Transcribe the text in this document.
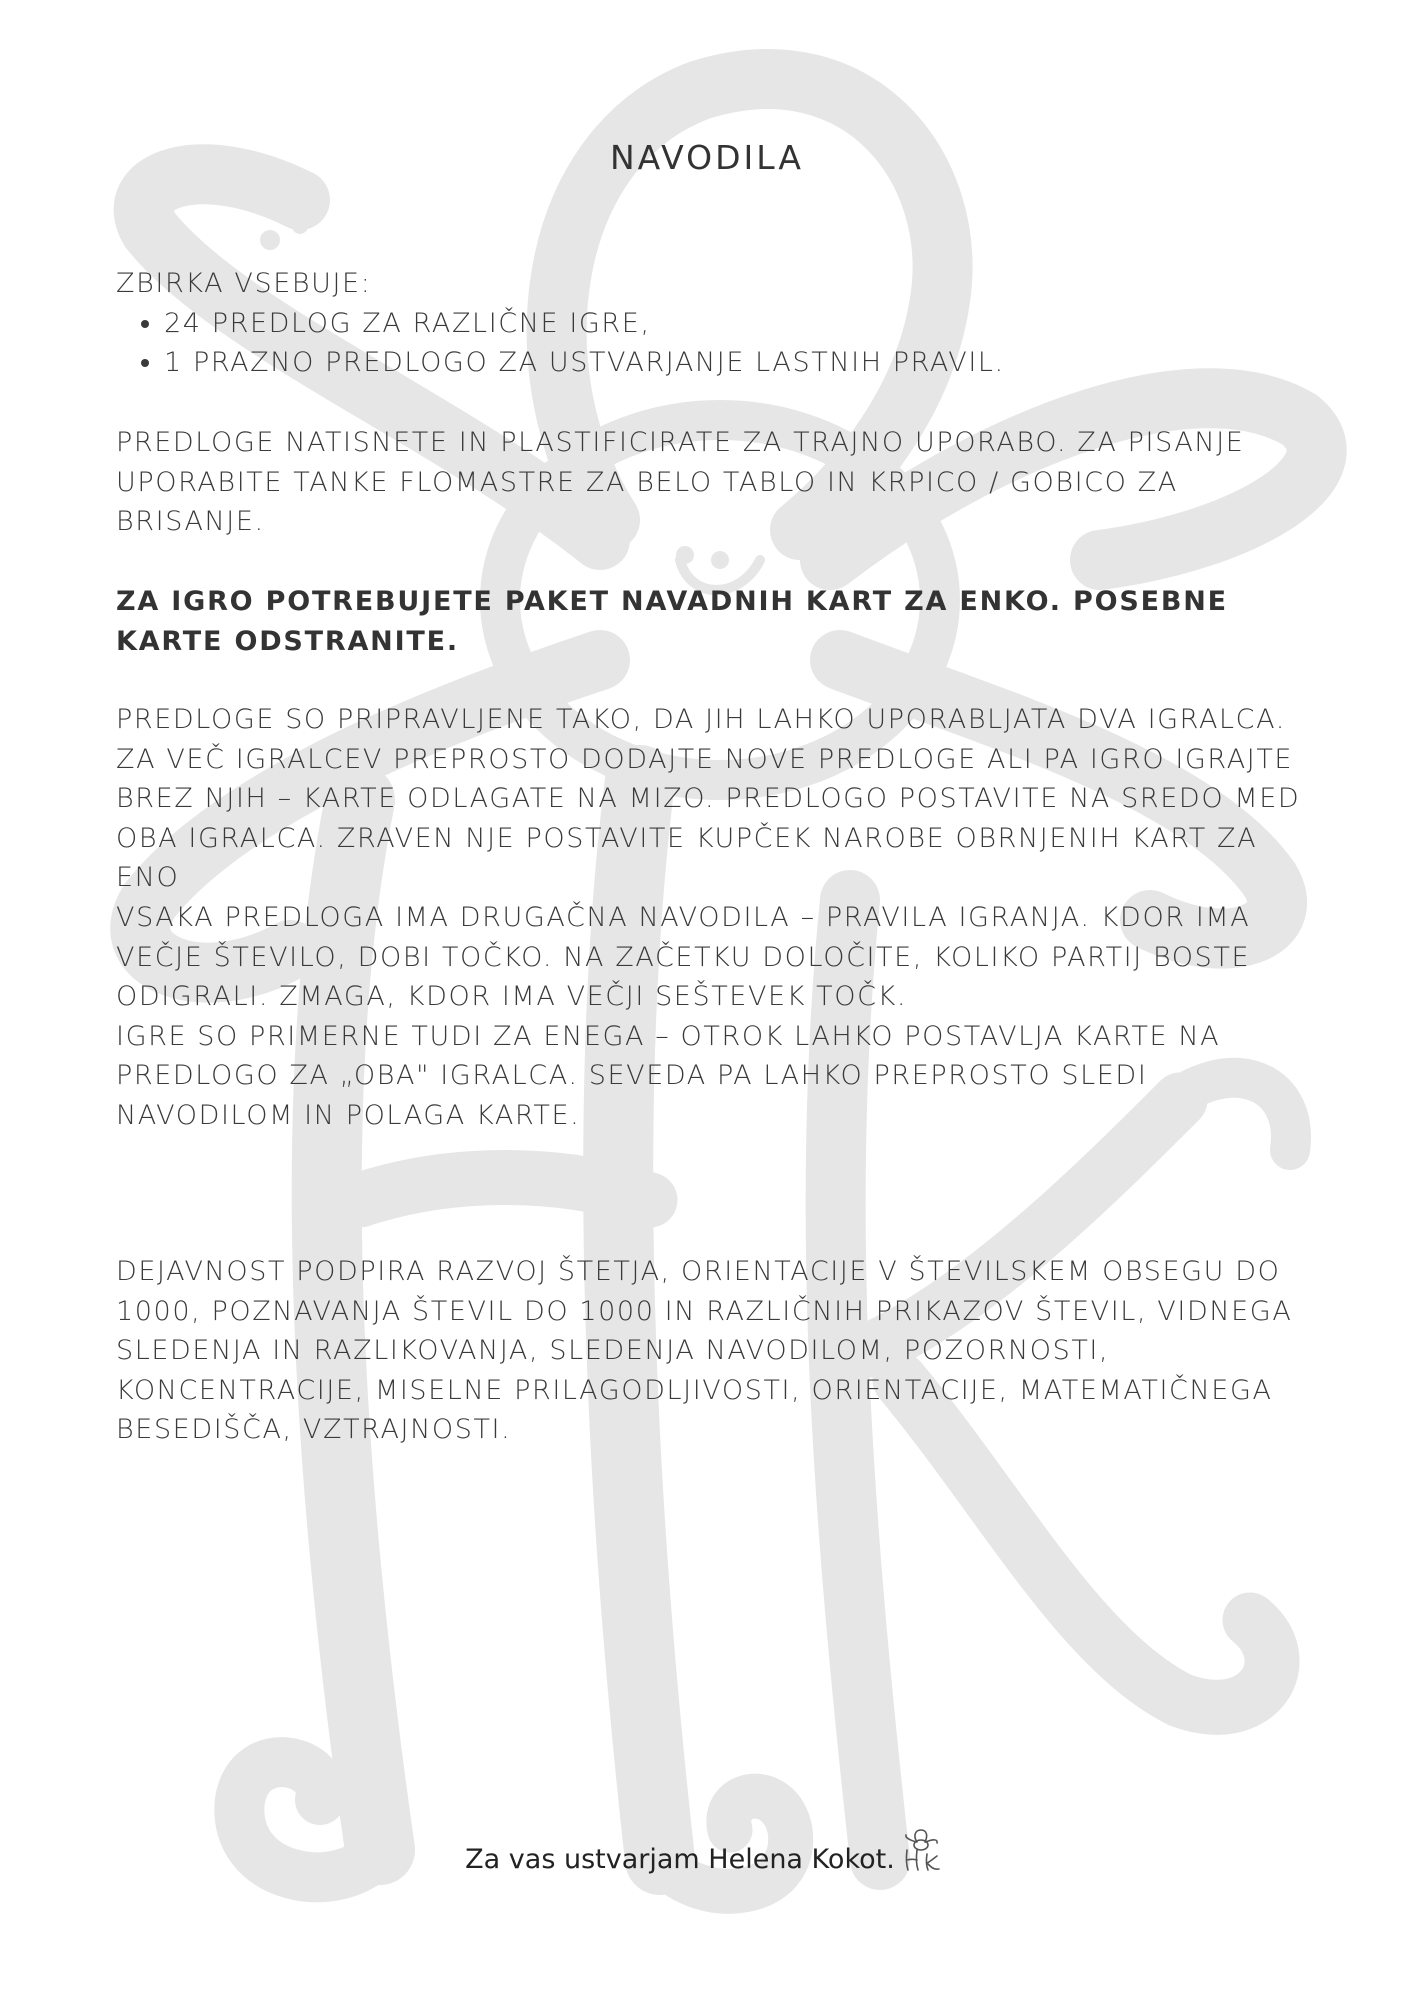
NAVODILA

ZBIRKA VSEBUJE:

• 24 PREDLOG ZA RAZLIČNE IGRE,
• 1 PRAZNO PREDLOGO ZA USTVARJANJE LASTNIH PRAVIL.

PREDLOGE NATISNETE IN PLASTIFICIRATE ZA TRAJNO UPORABO. ZA PISANJE UPORABITE TANKE FLOMASTRE ZA BELO TABLO IN KRPICO / GOBICO ZA BRISANJE.

ZA IGRO POTREBUJETE PAKET NAVADNIH KART ZA ENKO. POSEBNE KARTE ODSTRANITE.

PREDLOGE SO PRIPRAVLJENE TAKO, DA JIH LAHKO UPORABLJATA DVA IGRALCA. ZA VEČ IGRALCEV PREPROSTO DODAJTE NOVE PREDLOGE ALI PA IGRO IGRAJTE BREZ NJIH – KARTE ODLAGATE NA MIZO. PREDLOGO POSTAVITE NA SREDO MED OBA IGRALCA. ZRAVEN NJE POSTAVITE KUPČEK NAROBE OBRNJENIH KART ZA ENO

VSAKA PREDLOGA IMA DRUGAČNA NAVODILA – PRAVILA IGRANJA. KDOR IMA VEČJE ŠTEVILO, DOBI TOČKO. NA ZAČETKU DOLOČITE, KOLIKO PARTIJ BOSTE ODIGRALI. ZMAGA, KDOR IMA VEČJI SEŠTEVEK TOČK.

IGRE SO PRIMERNE TUDI ZA ENEGA – OTROK LAHKO POSTAVLJA KARTE NA PREDLOGO ZA „OBA" IGRALCA. SEVEDA PA LAHKO PREPROSTO SLEDI NAVODILOM IN POLAGA KARTE.

DEJAVNOST PODPIRA RAZVOJ ŠTETJA, ORIENTACIJE V ŠTEVILSKEM OBSEGU DO 1000, POZNAVANJA ŠTEVIL DO 1000 IN RAZLIČNIH PRIKAZOV ŠTEVIL, VIDNEGA SLEDENJA IN RAZLIKOVANJA, SLEDENJA NAVODILOM, POZORNOSTI, KONCENTRACIJE, MISELNE PRILAGODLJIVOSTI, ORIENTACIJE, MATEMATIČNEGA BESEDIŠČA, VZTRAJNOSTI.

Za vas ustvarjam Helena Kokot.
hk
